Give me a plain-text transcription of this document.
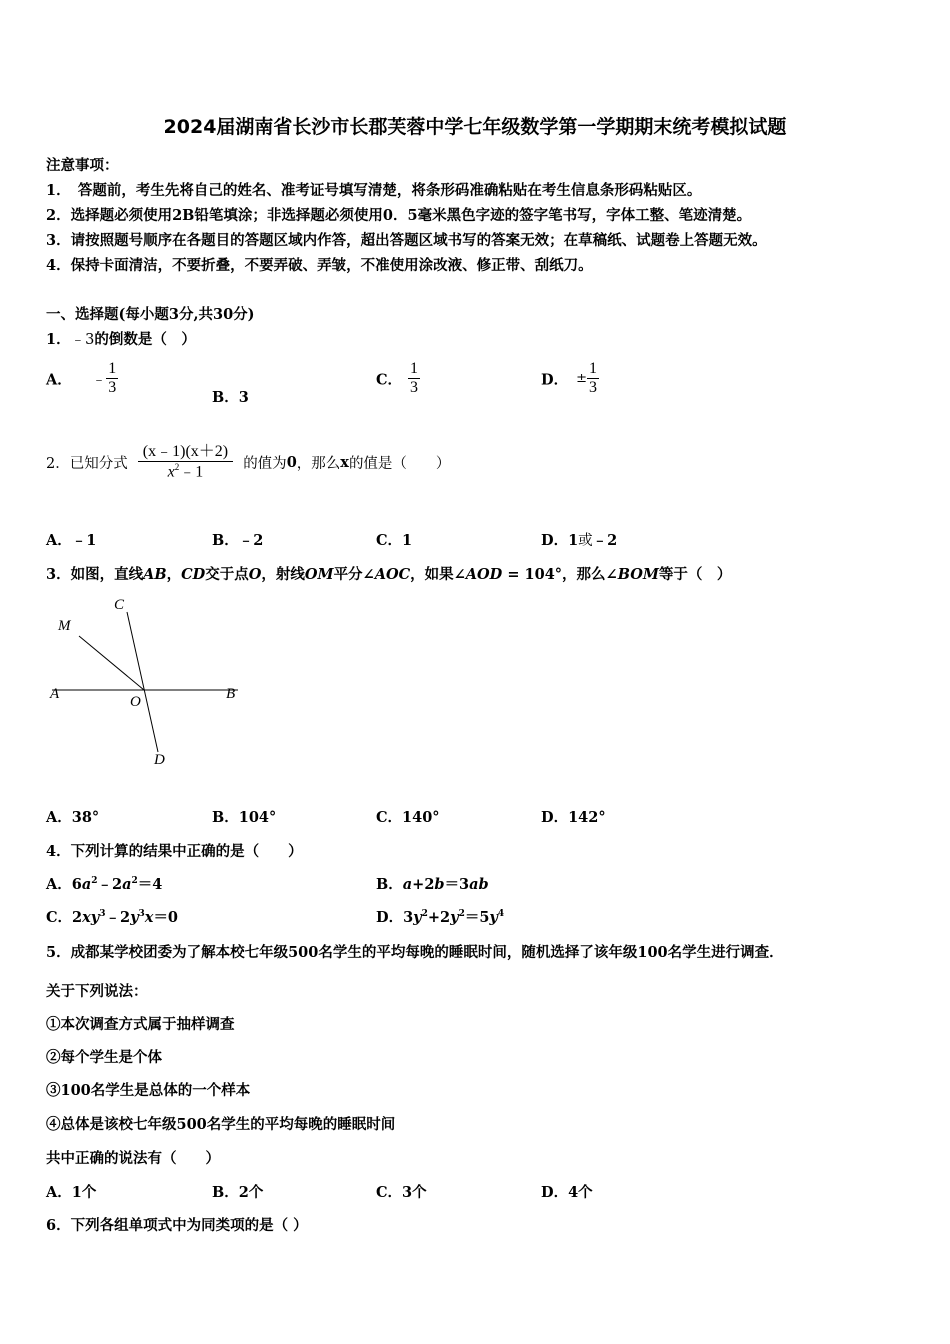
2024届湖南省长沙市长郡芙蓉中学七年级数学第一学期期末统考模拟试题
注意事项：
1．　答题前，考生先将自己的姓名、准考证号填写清楚，将条形码准确粘贴在考生信息条形码粘贴区。
2．选择题必须使用2B铅笔填涂；非选择题必须使用0．5毫米黑色字迹的签字笔书写，字体工整、笔迹清楚。
3．请按照题号顺序在各题目的答题区域内作答，超出答题区域书写的答案无效；在草稿纸、试题卷上答题无效。
4．保持卡面清洁，不要折叠，不要弄破、弄皱，不准使用涂改液、修正带、刮纸刀。
一、选择题(每小题3分,共30分)
1．﹣3的倒数是（　）
A． ﹣ $\frac{1}{3}$	B．3
C． $\frac{1}{3}$	D． ± $\frac{1}{3}$
2．已知分式 $\frac{(x﹣1)(x+2)}{x^2﹣1}$ 的值为0，那么x的值是（　　）
A．﹣1	B．﹣2	C．1	D．1或﹣2
3．如图，直线AB，CD交于点O，射线OM平分∠AOC，如果∠AOD = 104°，那么∠BOM等于（　）
M
C
A	O	B
D
A．38°	B．104°	C．140°	D．142°
4．下列计算的结果中正确的是（　　）
A．$6a^2﹣2a^2=4$	B．a+2b＝3ab
C．$2xy^3﹣2y^3x=0$	D．$3y^2+2y^2=5y^4$
5．成都某学校团委为了解本校七年级500名学生的平均每晚的睡眠时间，随机选择了该年级100名学生进行调查．
关于下列说法：
①本次调查方式属于抽样调查
②每个学生是个体
③100名学生是总体的一个样本
④总体是该校七年级500名学生的平均每晚的睡眠时间
共中正确的说法有（　　）
A．1个	B．2个	C．3个	D．4个
6．下列各组单项式中为同类项的是（ ）
